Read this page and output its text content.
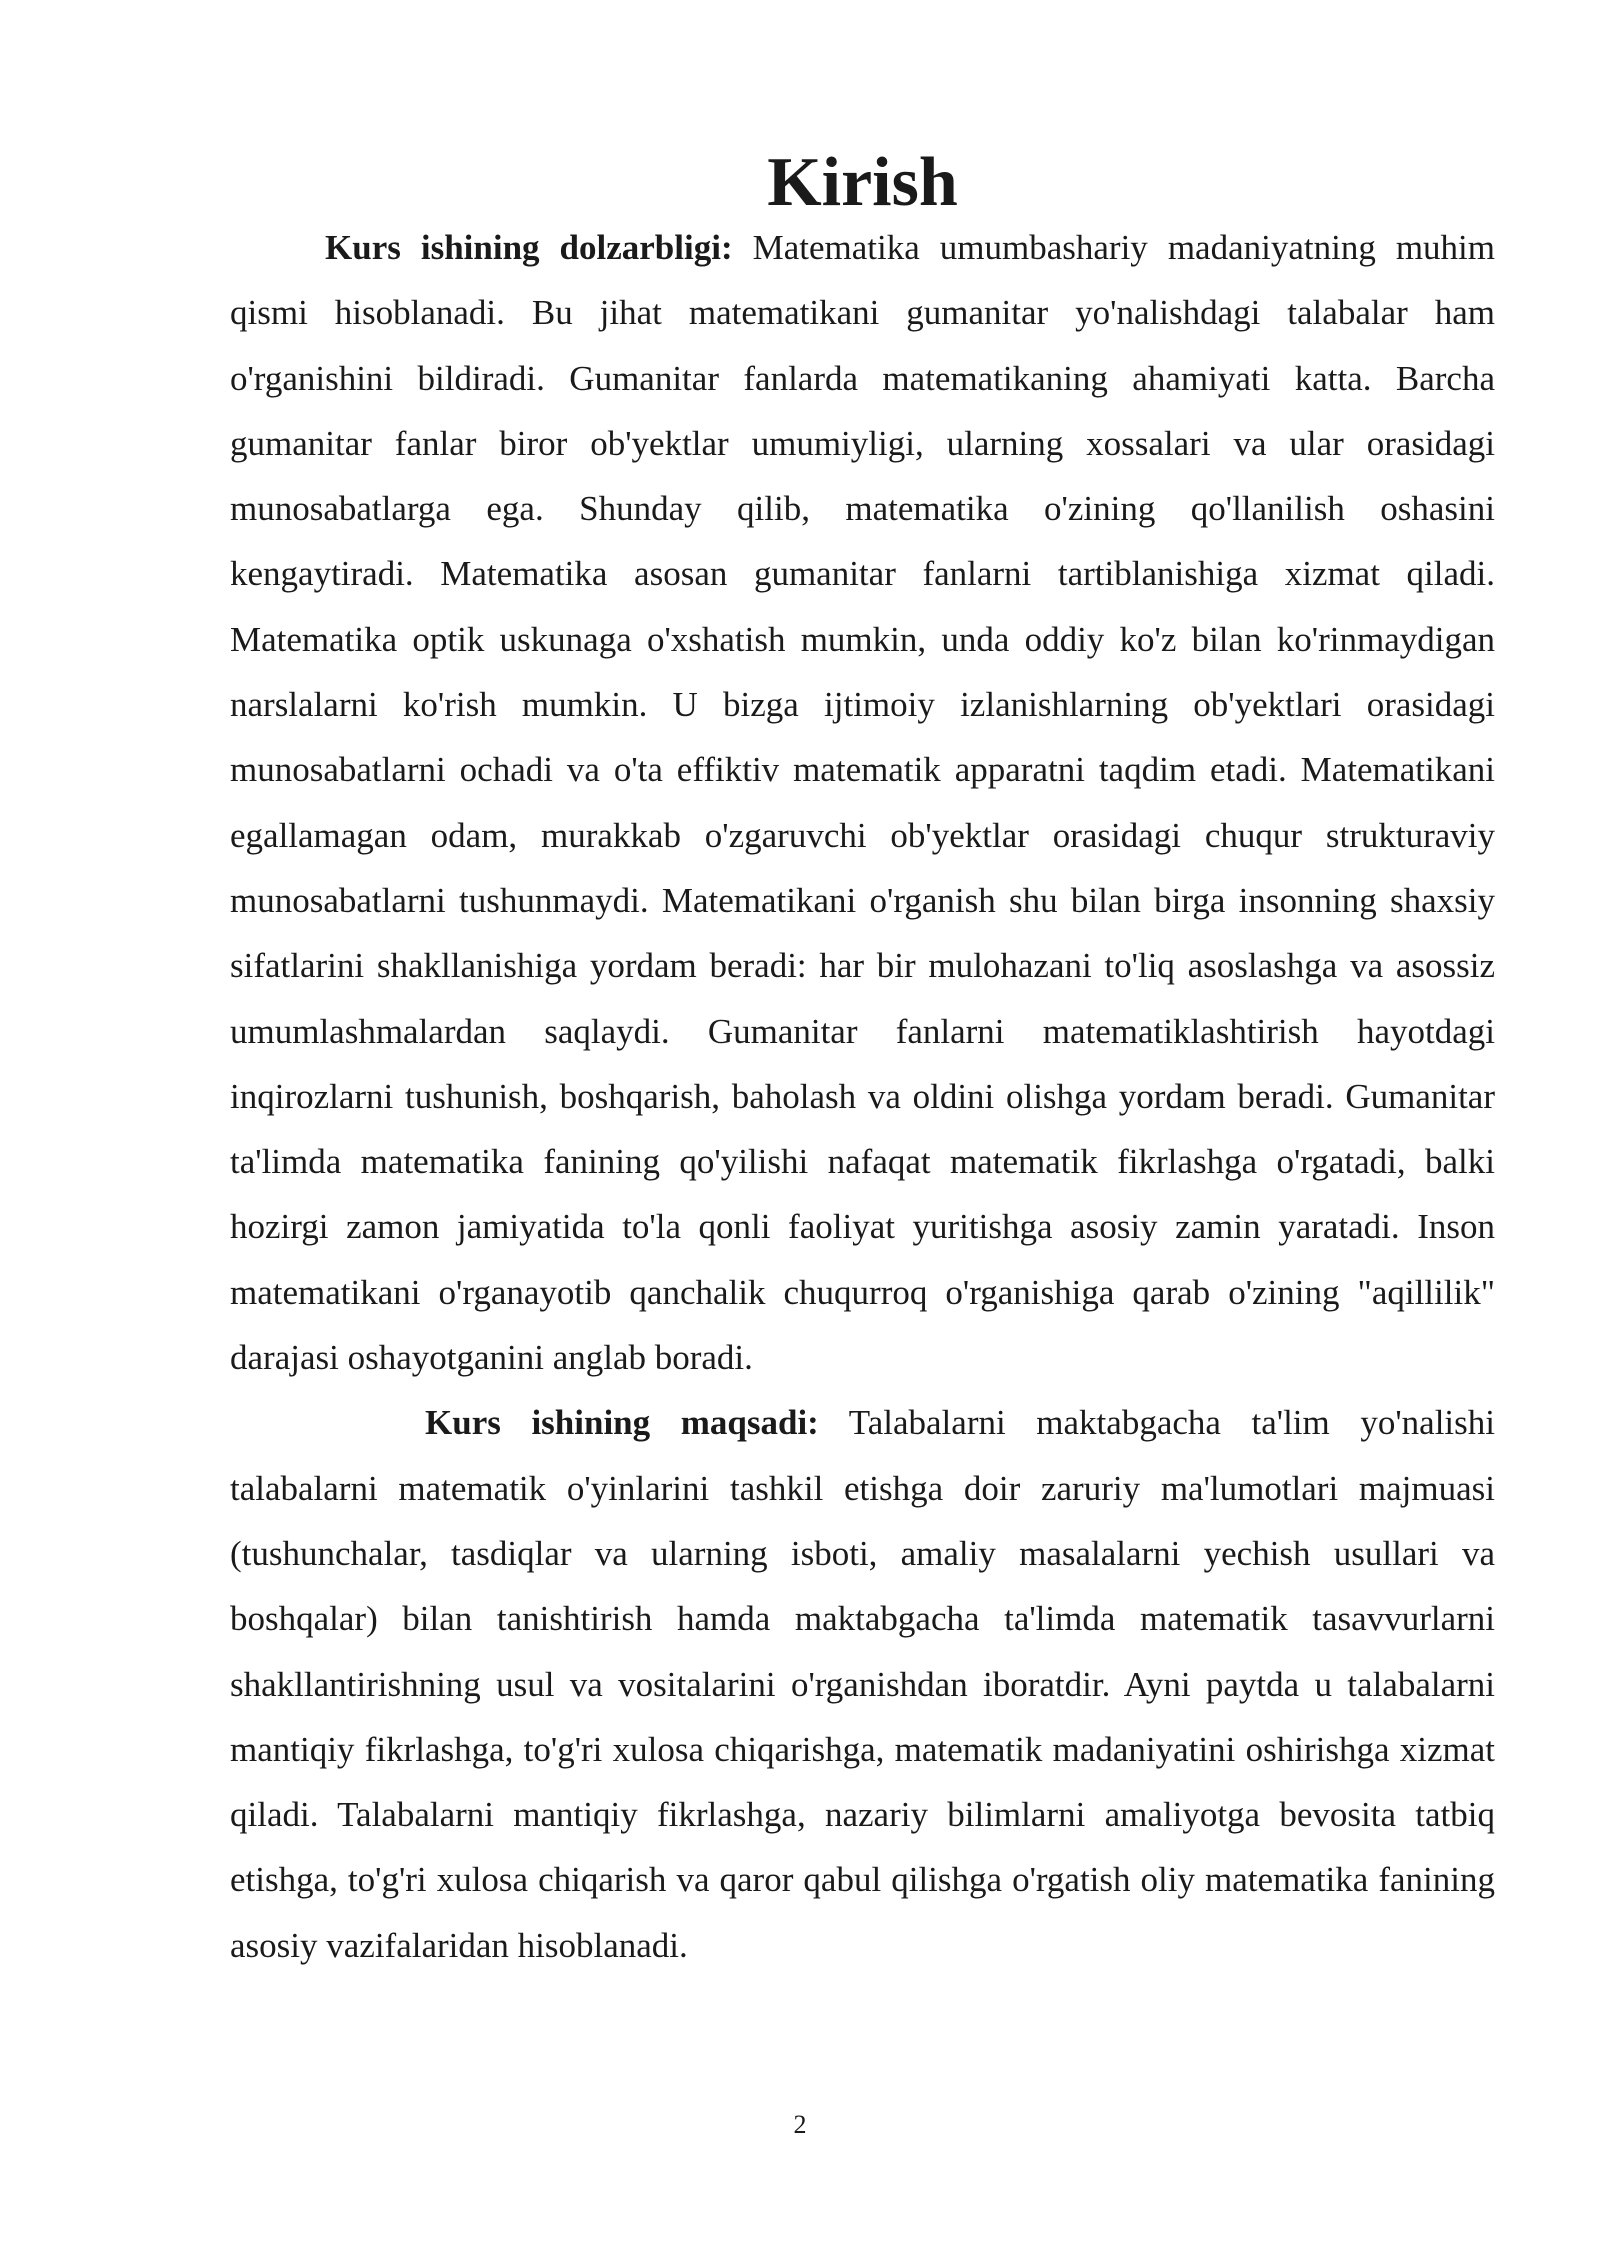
Kirish

Kurs ishining dolzarbligi: Matematika umumbashariy madaniyatning muhim qismi hisoblanadi. Bu jihat matematikani gumanitar yo'nalishdagi talabalar ham o'rganishini bildiradi. Gumanitar fanlarda matematikaning ahamiyati katta. Barcha gumanitar fanlar biror ob'yektlar umumiyligi, ularning xossalari va ular orasidagi munosabatlarga ega. Shunday qilib, matematika o'zining qo'llanilish oshasini kengaytiradi. Matematika asosan gumanitar fanlarni tartiblanishiga xizmat qiladi. Matematika optik uskunaga o'xshatish mumkin, unda oddiy ko'z bilan ko'rinmaydigan narslalarni ko'rish mumkin. U bizga ijtimoiy izlanishlarning ob'yektlari orasidagi munosabatlarni ochadi va o'ta effiktiv matematik apparatni taqdim etadi. Matematikani egallamagan odam, murakkab o'zgaruvchi ob'yektlar orasidagi chuqur strukturaviy munosabatlarni tushunmaydi. Matematikani o'rganish shu bilan birga insonning shaxsiy sifatlarini shakllanishiga yordam beradi: har bir mulohazani to'liq asoslashga va asossiz umumlashmalardan saqlaydi. Gumanitar fanlarni matematiklashtirish hayotdagi inqirozlarni tushunish, boshqarish, baholash va oldini olishga yordam beradi. Gumanitar ta'limda matematika fanining qo'yilishi nafaqat matematik fikrlashga o'rgatadi, balki hozirgi zamon jamiyatida to'la qonli faoliyat yuritishga asosiy zamin yaratadi. Inson matematikani o'rganayotib qanchalik chuqurroq o'rganishiga qarab o'zining "aqillilik" darajasi oshayotganini anglab boradi.

Kurs ishining maqsadi: Talabalarni maktabgacha ta'lim yo'nalishi talabalarni matematik o'yinlarini tashkil etishga doir zaruriy ma'lumotlari majmuasi (tushunchalar, tasdiqlar va ularning isboti, amaliy masalalarni yechish usullari va boshqalar) bilan tanishtirish hamda maktabgacha ta'limda matematik tasavvurlarni shakllantirishning usul va vositalarini o'rganishdan iboratdir. Ayni paytda u talabalarni mantiqiy fikrlashga, to'g'ri xulosa chiqarishga, matematik madaniyatini oshirishga xizmat qiladi. Talabalarni mantiqiy fikrlashga, nazariy bilimlarni amaliyotga bevosita tatbiq etishga, to'g'ri xulosa chiqarish va qaror qabul qilishga o'rgatish oliy matematika fanining asosiy vazifalaridan hisoblanadi.

2
